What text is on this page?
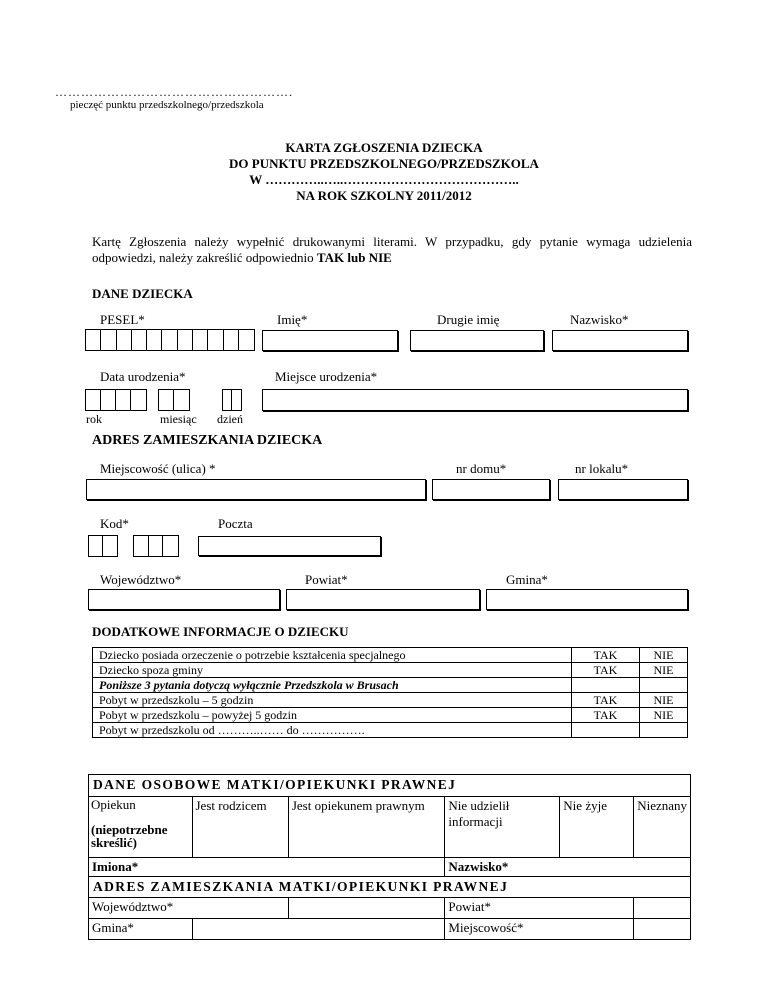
……………………………………………….
pieczęć punktu przedszkolnego/przedszkola
KARTA ZGŁOSZENIA DZIECKA
DO PUNKTU PRZEDSZKOLNEGO/PRZEDSZKOLA
W …………..…..…………………………………..
NA ROK SZKOLNY 2011/2012
Kartę Zgłoszenia należy wypełnić drukowanymi literami. W przypadku, gdy pytanie wymaga udzielenia odpowiedzi, należy zakreślić odpowiednio TAK lub NIE
DANE DZIECKA
PESEL*	Imię*	Drugie imię	Nazwisko*
Data urodzenia*	Miejsce urodzenia*
rok	miesiąc dzień
ADRES ZAMIESZKANIA DZIECKA
Miejscowość (ulica) *	nr domu*	nr lokalu*
Kod*	Poczta
Województwo*	Powiat*	Gmina*
DODATKOWE INFORMACJE O DZIECKU
Dziecko posiada orzeczenie o potrzebie kształcenia specjalnego	TAK	NIE
Dziecko spoza gminy	TAK	NIE
Poniższe 3 pytania dotyczą wyłącznie Przedszkola w Brusach		
Pobyt w przedszkolu – 5 godzin	TAK	NIE
Pobyt w przedszkolu – powyżej 5 godzin	TAK	NIE
Pobyt w przedszkolu od ………..…… do …………….		
DANE OSOBOWE MATKI/OPIEKUNKI PRAWNEJ					

Opiekun
(niepotrzebne skreślić)	Jest rodzicem	Jest opiekunem prawnym	Nie udzielił informacji	Nie żyje	Nieznany
Imiona*			Nazwisko*		
ADRES ZAMIESZKANIA MATKI/OPIEKUNKI PRAWNEJ					
Województwo*			Powiat*		
Gmina*			Miejscowość*		
